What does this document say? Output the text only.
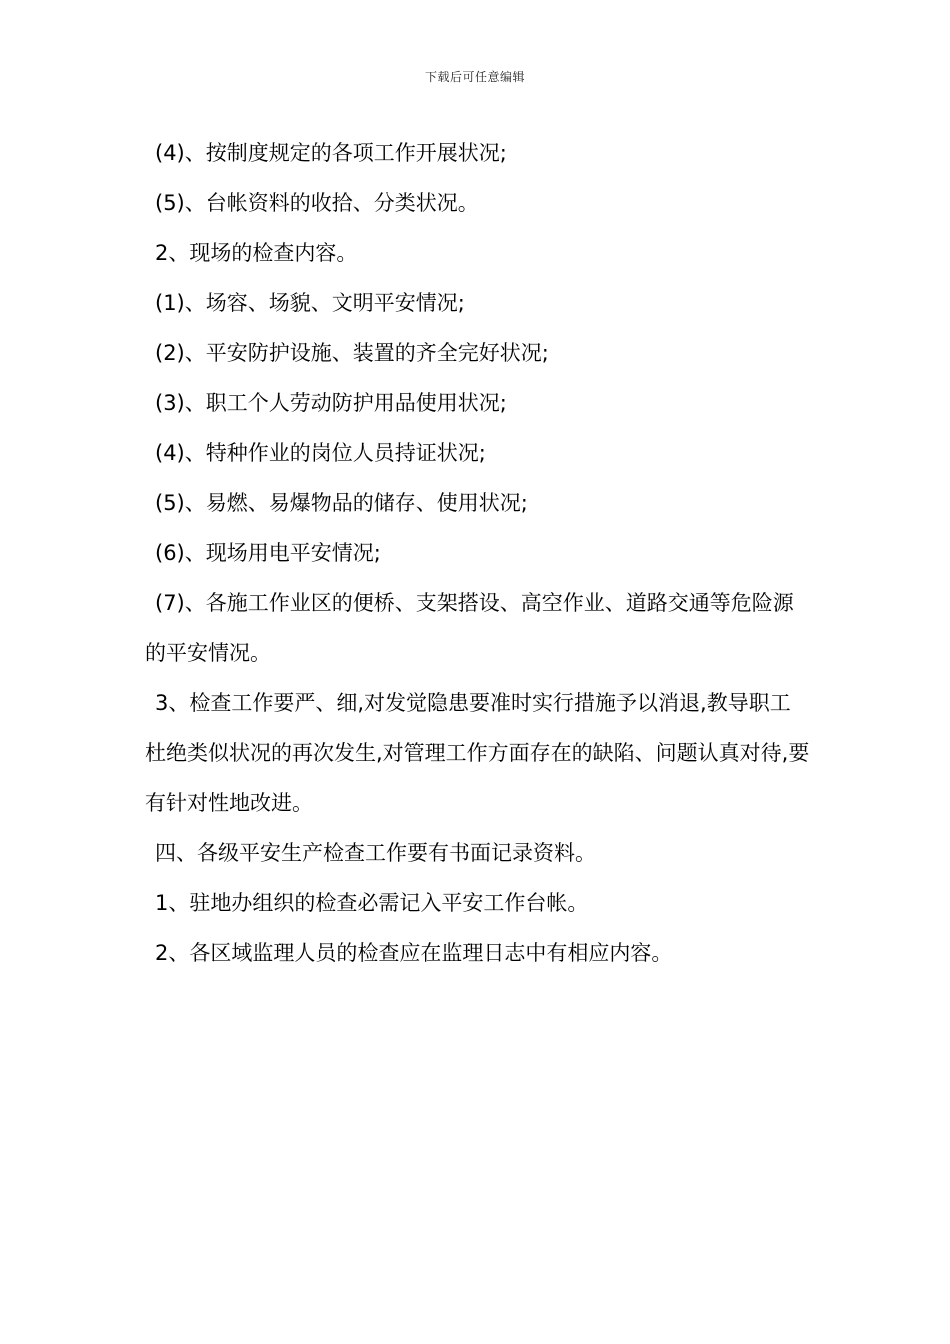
下载后可任意编辑

(4)、按制度规定的各项工作开展状况;

(5)、台帐资料的收拾、分类状况。

2、现场的检查内容。

(1)、场容、场貌、文明平安情况;

(2)、平安防护设施、装置的齐全完好状况;

(3)、职工个人劳动防护用品使用状况;

(4)、特种作业的岗位人员持证状况;

(5)、易燃、易爆物品的储存、使用状况;

(6)、现场用电平安情况;

(7)、各施工作业区的便桥、支架搭设、高空作业、道路交通等危险源的平安情况。

3、检查工作要严、细,对发觉隐患要准时实行措施予以消退,教导职工杜绝类似状况的再次发生,对管理工作方面存在的缺陷、问题认真对待,要有针对性地改进。

四、各级平安生产检查工作要有书面记录资料。

1、驻地办组织的检查必需记入平安工作台帐。

2、各区域监理人员的检查应在监理日志中有相应内容。
